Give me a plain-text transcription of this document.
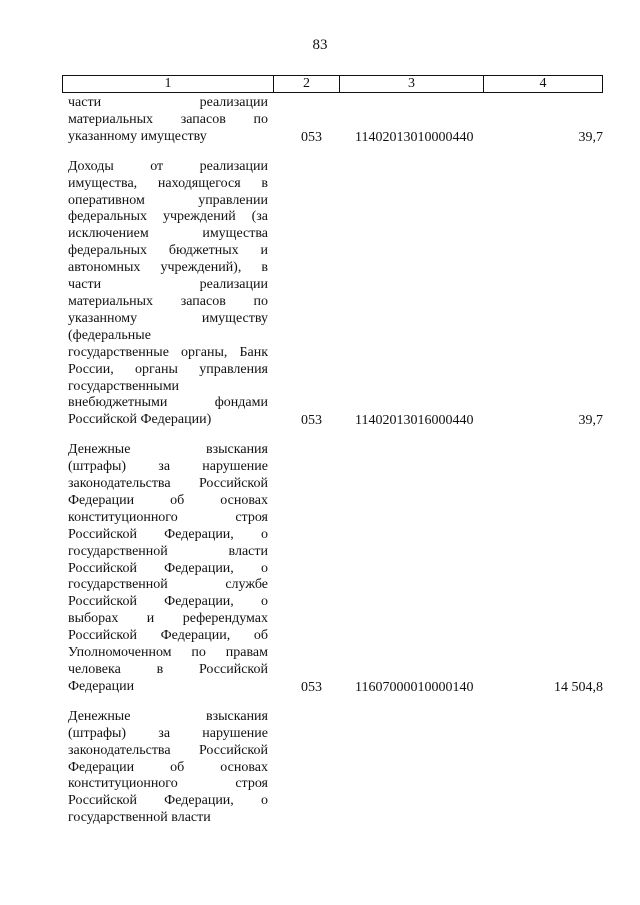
83
1	2	3	4
части реализации
материальных запасов по
указанному имуществу	053	11402013010000440	39,7
Доходы от реализации
имущества, находящегося в
оперативном управлении
федеральных учреждений (за
исключением имущества
федеральных бюджетных и
автономных учреждений), в
части реализации
материальных запасов по
указанному имуществу
(федеральные
государственные органы, Банк
России, органы управления
государственными
внебюджетными фондами
Российской Федерации)	053	11402013016000440	39,7
Денежные взыскания
(штрафы) за нарушение
законодательства Российской
Федерации об основах
конституционного строя
Российской Федерации, о
государственной власти
Российской Федерации, о
государственной службе
Российской Федерации, о
выборах и референдумах
Российской Федерации, об
Уполномоченном по правам
человека в Российской
Федерации	053	11607000010000140	14 504,8
Денежные взыскания
(штрафы) за нарушение
законодательства Российской
Федерации об основах
конституционного строя
Российской Федерации, о
государственной власти
